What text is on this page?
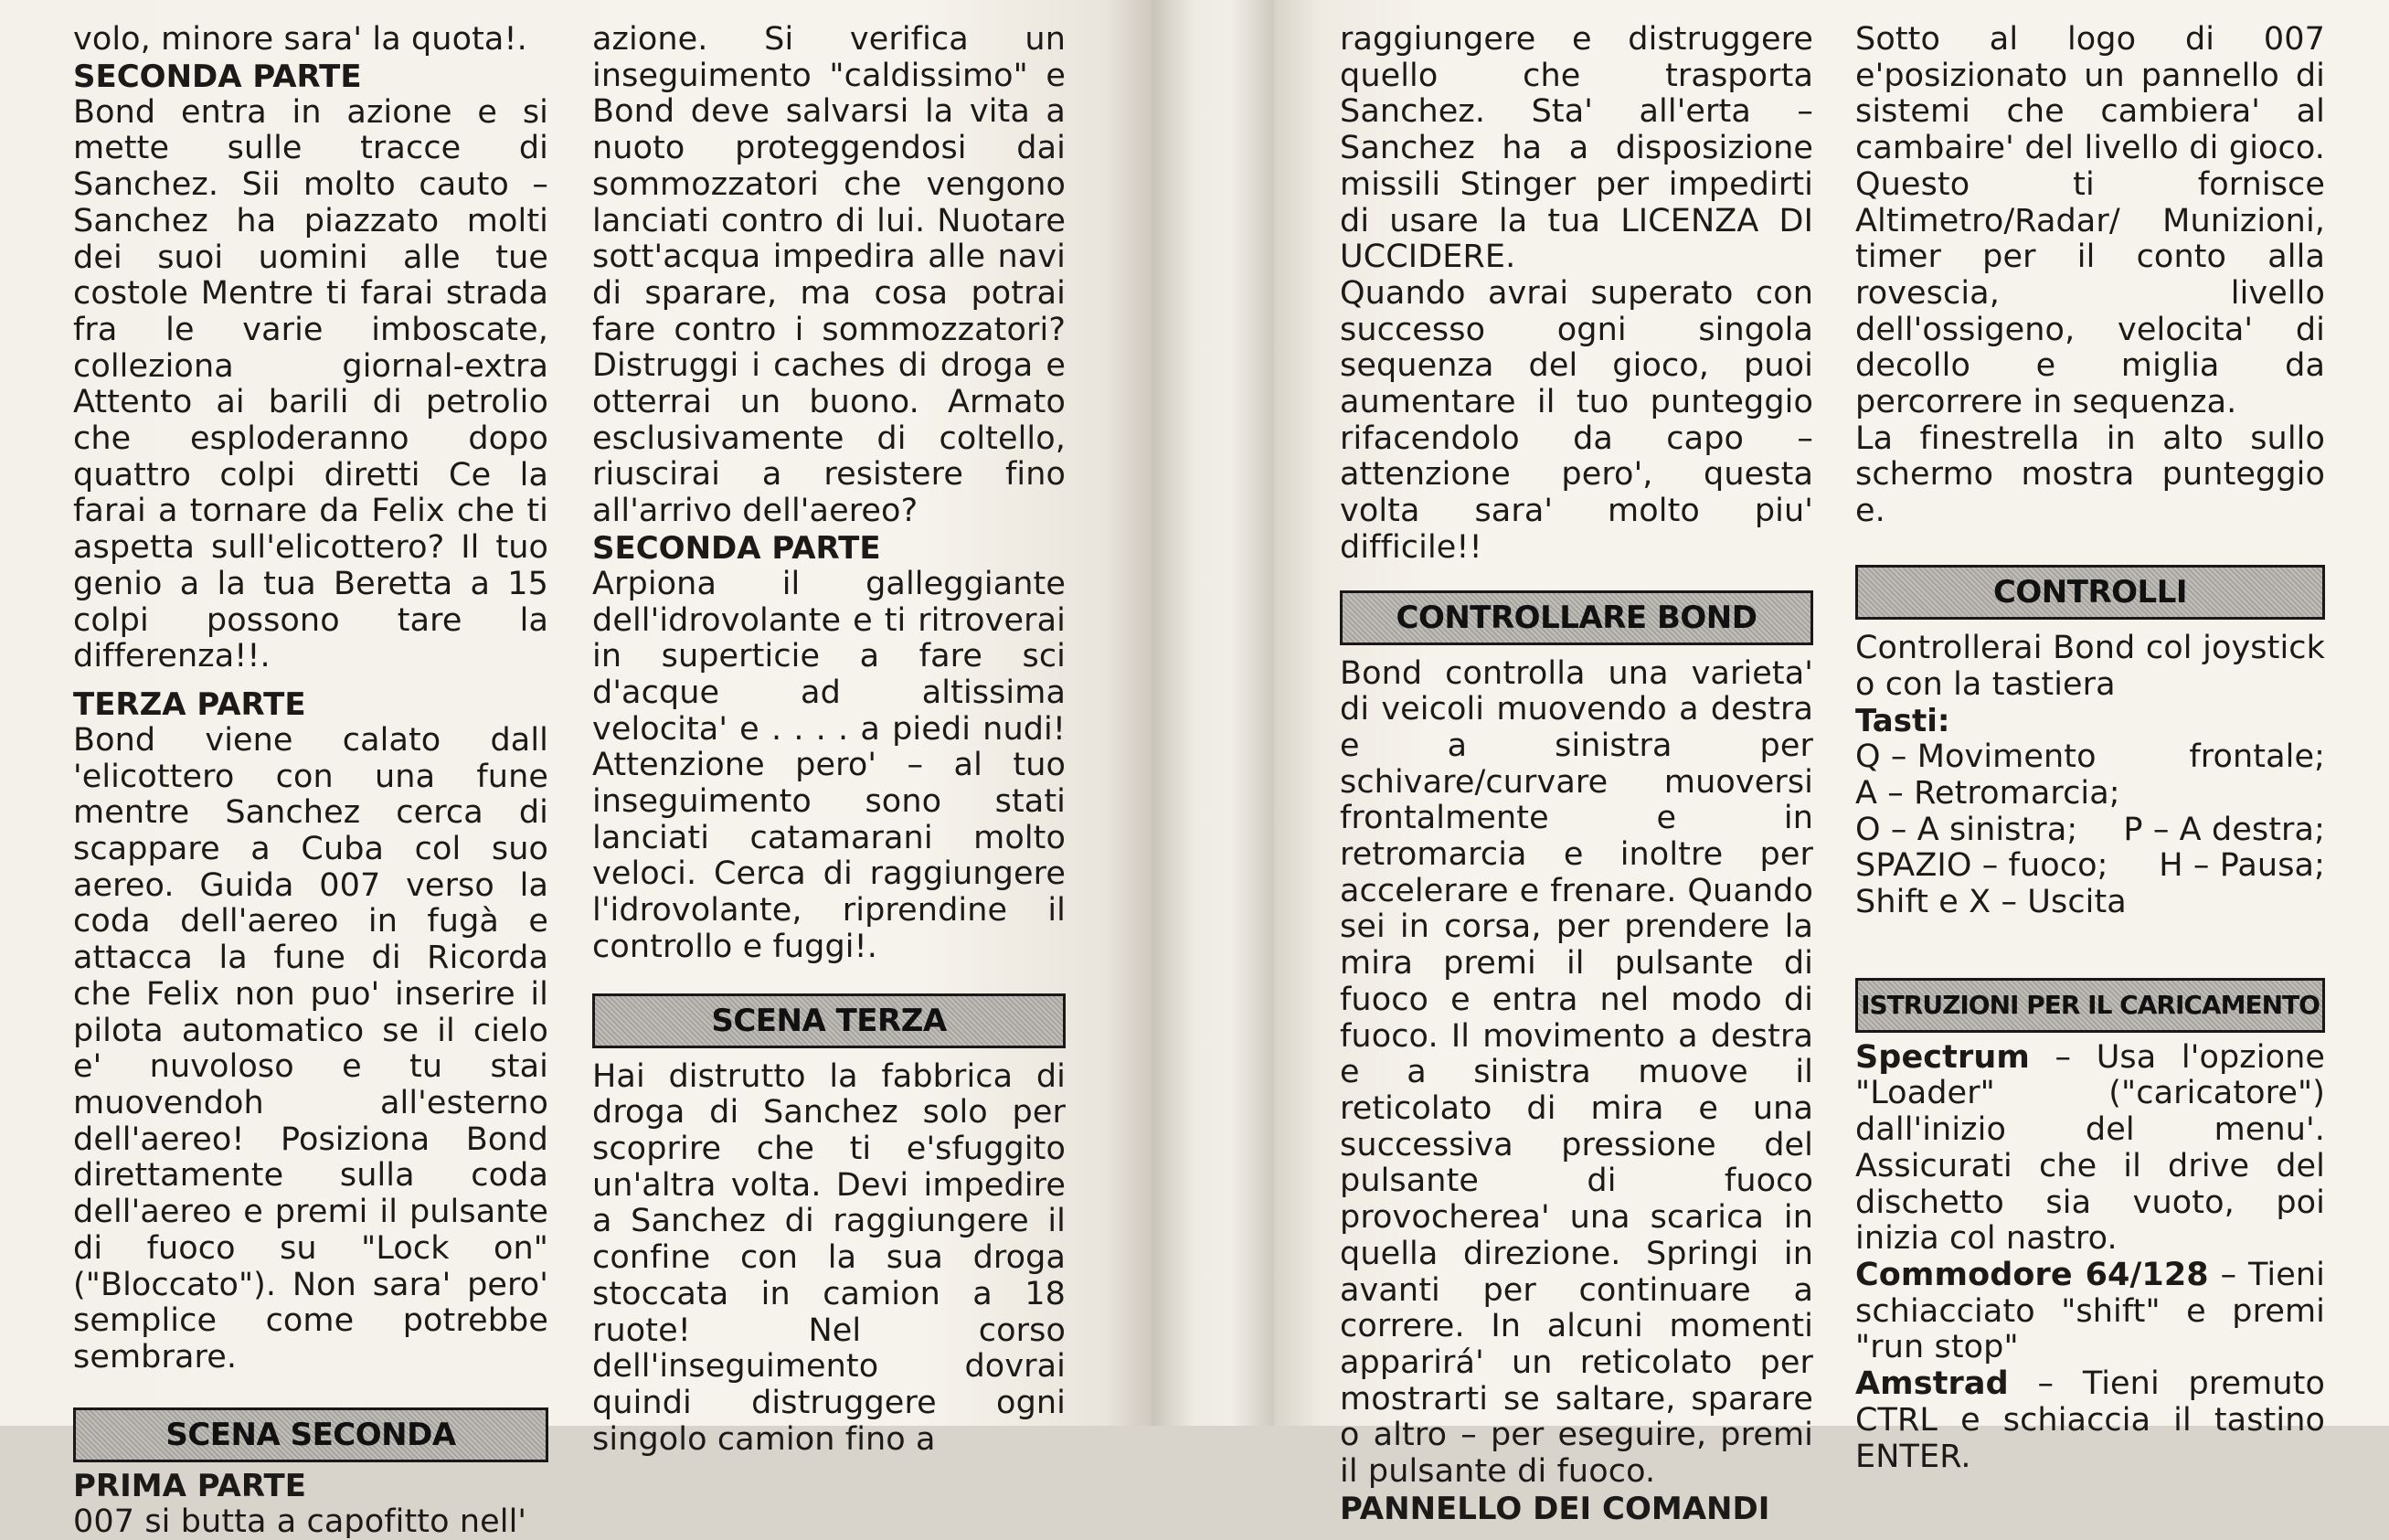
volo, minore sara' la quota!.

SECONDA PARTE

Bond entra in azione e si mette sulle tracce di Sanchez. Sii molto cauto – Sanchez ha piazzato molti dei suoi uomini alle tue costole Mentre ti farai strada fra le varie imboscate, colleziona giornal-extra Attento ai barili di petrolio che esploderanno dopo quattro colpi diretti Ce la farai a tornare da Felix che ti aspetta sull'elicottero? Il tuo genio a la tua Beretta a 15 colpi possono tare la differenza!!.

TERZA PARTE

Bond viene calato dall 'elicottero con una fune mentre Sanchez cerca di scappare a Cuba col suo aereo. Guida 007 verso la coda dell'aereo in fugà e attacca la fune di Ricorda che Felix non puo' inserire il pilota automatico se il cielo e' nuvoloso e tu stai muovendoh all'esterno dell'aereo! Posiziona Bond direttamente sulla coda dell'aereo e premi il pulsante di fuoco su "Lock on" ("Bloccato"). Non sara' pero' semplice come potrebbe sembrare.

SCENA SECONDA
PRIMA PARTE

007 si butta a capofitto nell'

azione. Si verifica un inseguimento "caldissimo" e Bond deve salvarsi la vita a nuoto proteggendosi dai sommozzatori che vengono lanciati contro di lui. Nuotare sott'acqua impedira alle navi di sparare, ma cosa potrai fare contro i sommozzatori? Distruggi i caches di droga e otterrai un buono. Armato esclusivamente di coltello, riuscirai a resistere fino all'arrivo dell'aereo?

SECONDA PARTE

Arpiona il galleggiante dell'idrovolante e ti ritroverai in superticie a fare sci d'acque ad altissima velocita' e . . . . a piedi nudi! Attenzione pero' – al tuo inseguimento sono stati lanciati catamarani molto veloci. Cerca di raggiungere l'idrovolante, riprendine il controllo e fuggi!.

SCENA TERZA

Hai distrutto la fabbrica di droga di Sanchez solo per scoprire che ti e'sfuggito un'altra volta. Devi impedire a Sanchez di raggiungere il confine con la sua droga stoccata in camion a 18 ruote! Nel corso dell'inseguimento dovrai quindi distruggere ogni singolo camion fino a

raggiungere e distruggere quello che trasporta Sanchez. Sta' all'erta – Sanchez ha a disposizione missili Stinger per impedirti di usare la tua LICENZA DI UCCIDERE.

Quando avrai superato con successo ogni singola sequenza del gioco, puoi aumentare il tuo punteggio rifacendolo da capo – attenzione pero', questa volta sara' molto piu' difficile!!

CONTROLLARE BOND

Bond controlla una varieta' di veicoli muovendo a destra e a sinistra per schivare/curvare muoversi frontalmente e in retromarcia e inoltre per accelerare e frenare. Quando sei in corsa, per prendere la mira premi il pulsante di fuoco e entra nel modo di fuoco. Il movimento a destra e a sinistra muove il reticolato di mira e una successiva pressione del pulsante di fuoco provocherea' una scarica in quella direzione. Springi in avanti per continuare a correre. In alcuni momenti apparirá' un reticolato per mostrarti se saltare, sparare o altro – per eseguire, premi il pulsante di fuoco.

PANNELLO DEI COMANDI

Sotto al logo di 007 e'posizionato un pannello di sistemi che cambiera' al cambaire' del livello di gioco. Questo ti fornisce Altimetro/Radar/ Munizioni, timer per il conto alla rovescia, livello dell'ossigeno, velocita' di decollo e miglia da percorrere in sequenza.

La finestrella in alto sullo schermo mostra punteggio e.

CONTROLLI

Controllerai Bond col joystick o con la tastiera

Tasti:
Q – Movimento	frontale;
A – Retromarcia;
O – A sinistra; P – A destra;
SPAZIO – fuoco; H – Pausa;
Shift e X – Uscita
ISTRUZIONI PER IL CARICAMENTO

Spectrum – Usa l'opzione "Loader" ("caricatore") dall'inizio del menu'. Assicurati che il drive del dischetto sia vuoto, poi inizia col nastro.

Commodore 64/128 – Tieni schiacciato "shift" e premi "run stop"

Amstrad – Tieni premuto CTRL e schiaccia il tastino ENTER.
